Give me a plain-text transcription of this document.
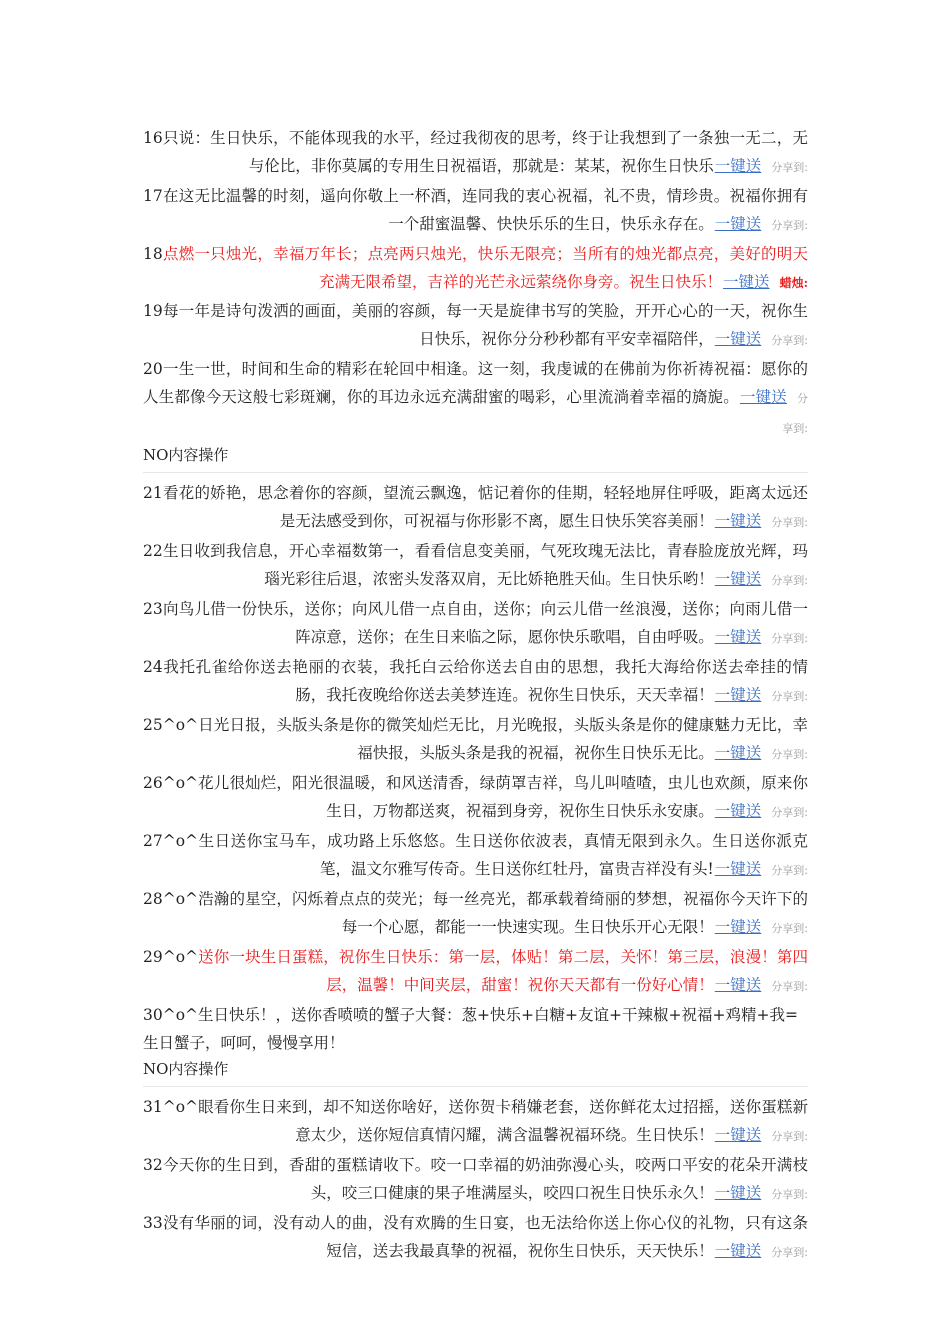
16只说：生日快乐，不能体现我的水平，经过我彻夜的思考，终于让我想到了一条独一无二，无与伦比，非你莫属的专用生日祝福语，那就是：某某，祝你生日快乐一键送 分享到:
17在这无比温馨的时刻，遥向你敬上一杯酒，连同我的衷心祝福，礼不贵，情珍贵。祝福你拥有一个甜蜜温馨、快快乐乐的生日，快乐永存在。一键送 分享到:
18点燃一只烛光，幸福万年长；点亮两只烛光，快乐无限亮；当所有的烛光都点亮，美好的明天充满无限希望，吉祥的光芒永远萦绕你身旁。祝生日快乐！一键送 蜡烛:
19每一年是诗句泼洒的画面，美丽的容颜，每一天是旋律书写的笑脸，开开心心的一天，祝你生日快乐，祝你分分秒秒都有平安幸福陪伴，一键送 分享到:
20一生一世，时间和生命的精彩在轮回中相逢。这一刻，我虔诚的在佛前为你祈祷祝福：愿你的人生都像今天这般七彩斑斓，你的耳边永远充满甜蜜的喝彩，心里流淌着幸福的旖旎。一键送 分享到:
NO内容操作
21看花的娇艳，思念着你的容颜，望流云飘逸，惦记着你的佳期，轻轻地屏住呼吸，距离太远还是无法感受到你，可祝福与你形影不离，愿生日快乐笑容美丽！一键送 分享到:
22生日收到我信息，开心幸福数第一，看看信息变美丽，气死玫瑰无法比，青春脸庞放光辉，玛瑙光彩往后退，浓密头发落双肩，无比娇艳胜天仙。生日快乐哟！一键送 分享到:
23向鸟儿借一份快乐，送你；向风儿借一点自由，送你；向云儿借一丝浪漫，送你；向雨儿借一阵凉意，送你；在生日来临之际，愿你快乐歌唱，自由呼吸。一键送 分享到:
24我托孔雀给你送去艳丽的衣装，我托白云给你送去自由的思想，我托大海给你送去牵挂的情肠，我托夜晚给你送去美梦连连。祝你生日快乐，天天幸福！一键送 分享到:
25^o^日光日报，头版头条是你的微笑灿烂无比，月光晚报，头版头条是你的健康魅力无比，幸福快报，头版头条是我的祝福，祝你生日快乐无比。一键送 分享到:
26^o^花儿很灿烂，阳光很温暖，和风送清香，绿荫罩吉祥，鸟儿叫喳喳，虫儿也欢颜，原来你生日，万物都送爽，祝福到身旁，祝你生日快乐永安康。一键送 分享到:
27^o^生日送你宝马车，成功路上乐悠悠。生日送你依波表，真情无限到永久。生日送你派克笔，温文尔雅写传奇。生日送你红牡丹，富贵吉祥没有头!一键送 分享到:
28^o^浩瀚的星空，闪烁着点点的荧光；每一丝亮光，都承载着绮丽的梦想，祝福你今天许下的每一个心愿，都能一一快速实现。生日快乐开心无限！一键送 分享到:
29^o^送你一块生日蛋糕，祝你生日快乐：第一层，体贴！第二层，关怀！第三层，浪漫！第四层，温馨！中间夹层，甜蜜！祝你天天都有一份好心情！一键送 分享到:
30^o^生日快乐！，送你香喷喷的蟹子大餐：葱+快乐+白糖+友谊+干辣椒+祝福+鸡精+我=生日蟹子，呵呵，慢慢享用！
NO内容操作
31^o^眼看你生日来到，却不知送你啥好，送你贺卡稍嫌老套，送你鲜花太过招摇，送你蛋糕新意太少，送你短信真情闪耀，满含温馨祝福环绕。生日快乐！一键送 分享到:
32今天你的生日到，香甜的蛋糕请收下。咬一口幸福的奶油弥漫心头，咬两口平安的花朵开满枝头，咬三口健康的果子堆满屋头，咬四口祝生日快乐永久！一键送 分享到:
33没有华丽的词，没有动人的曲，没有欢腾的生日宴，也无法给你送上你心仪的礼物，只有这条短信，送去我最真挚的祝福，祝你生日快乐，天天快乐！一键送 分享到:
